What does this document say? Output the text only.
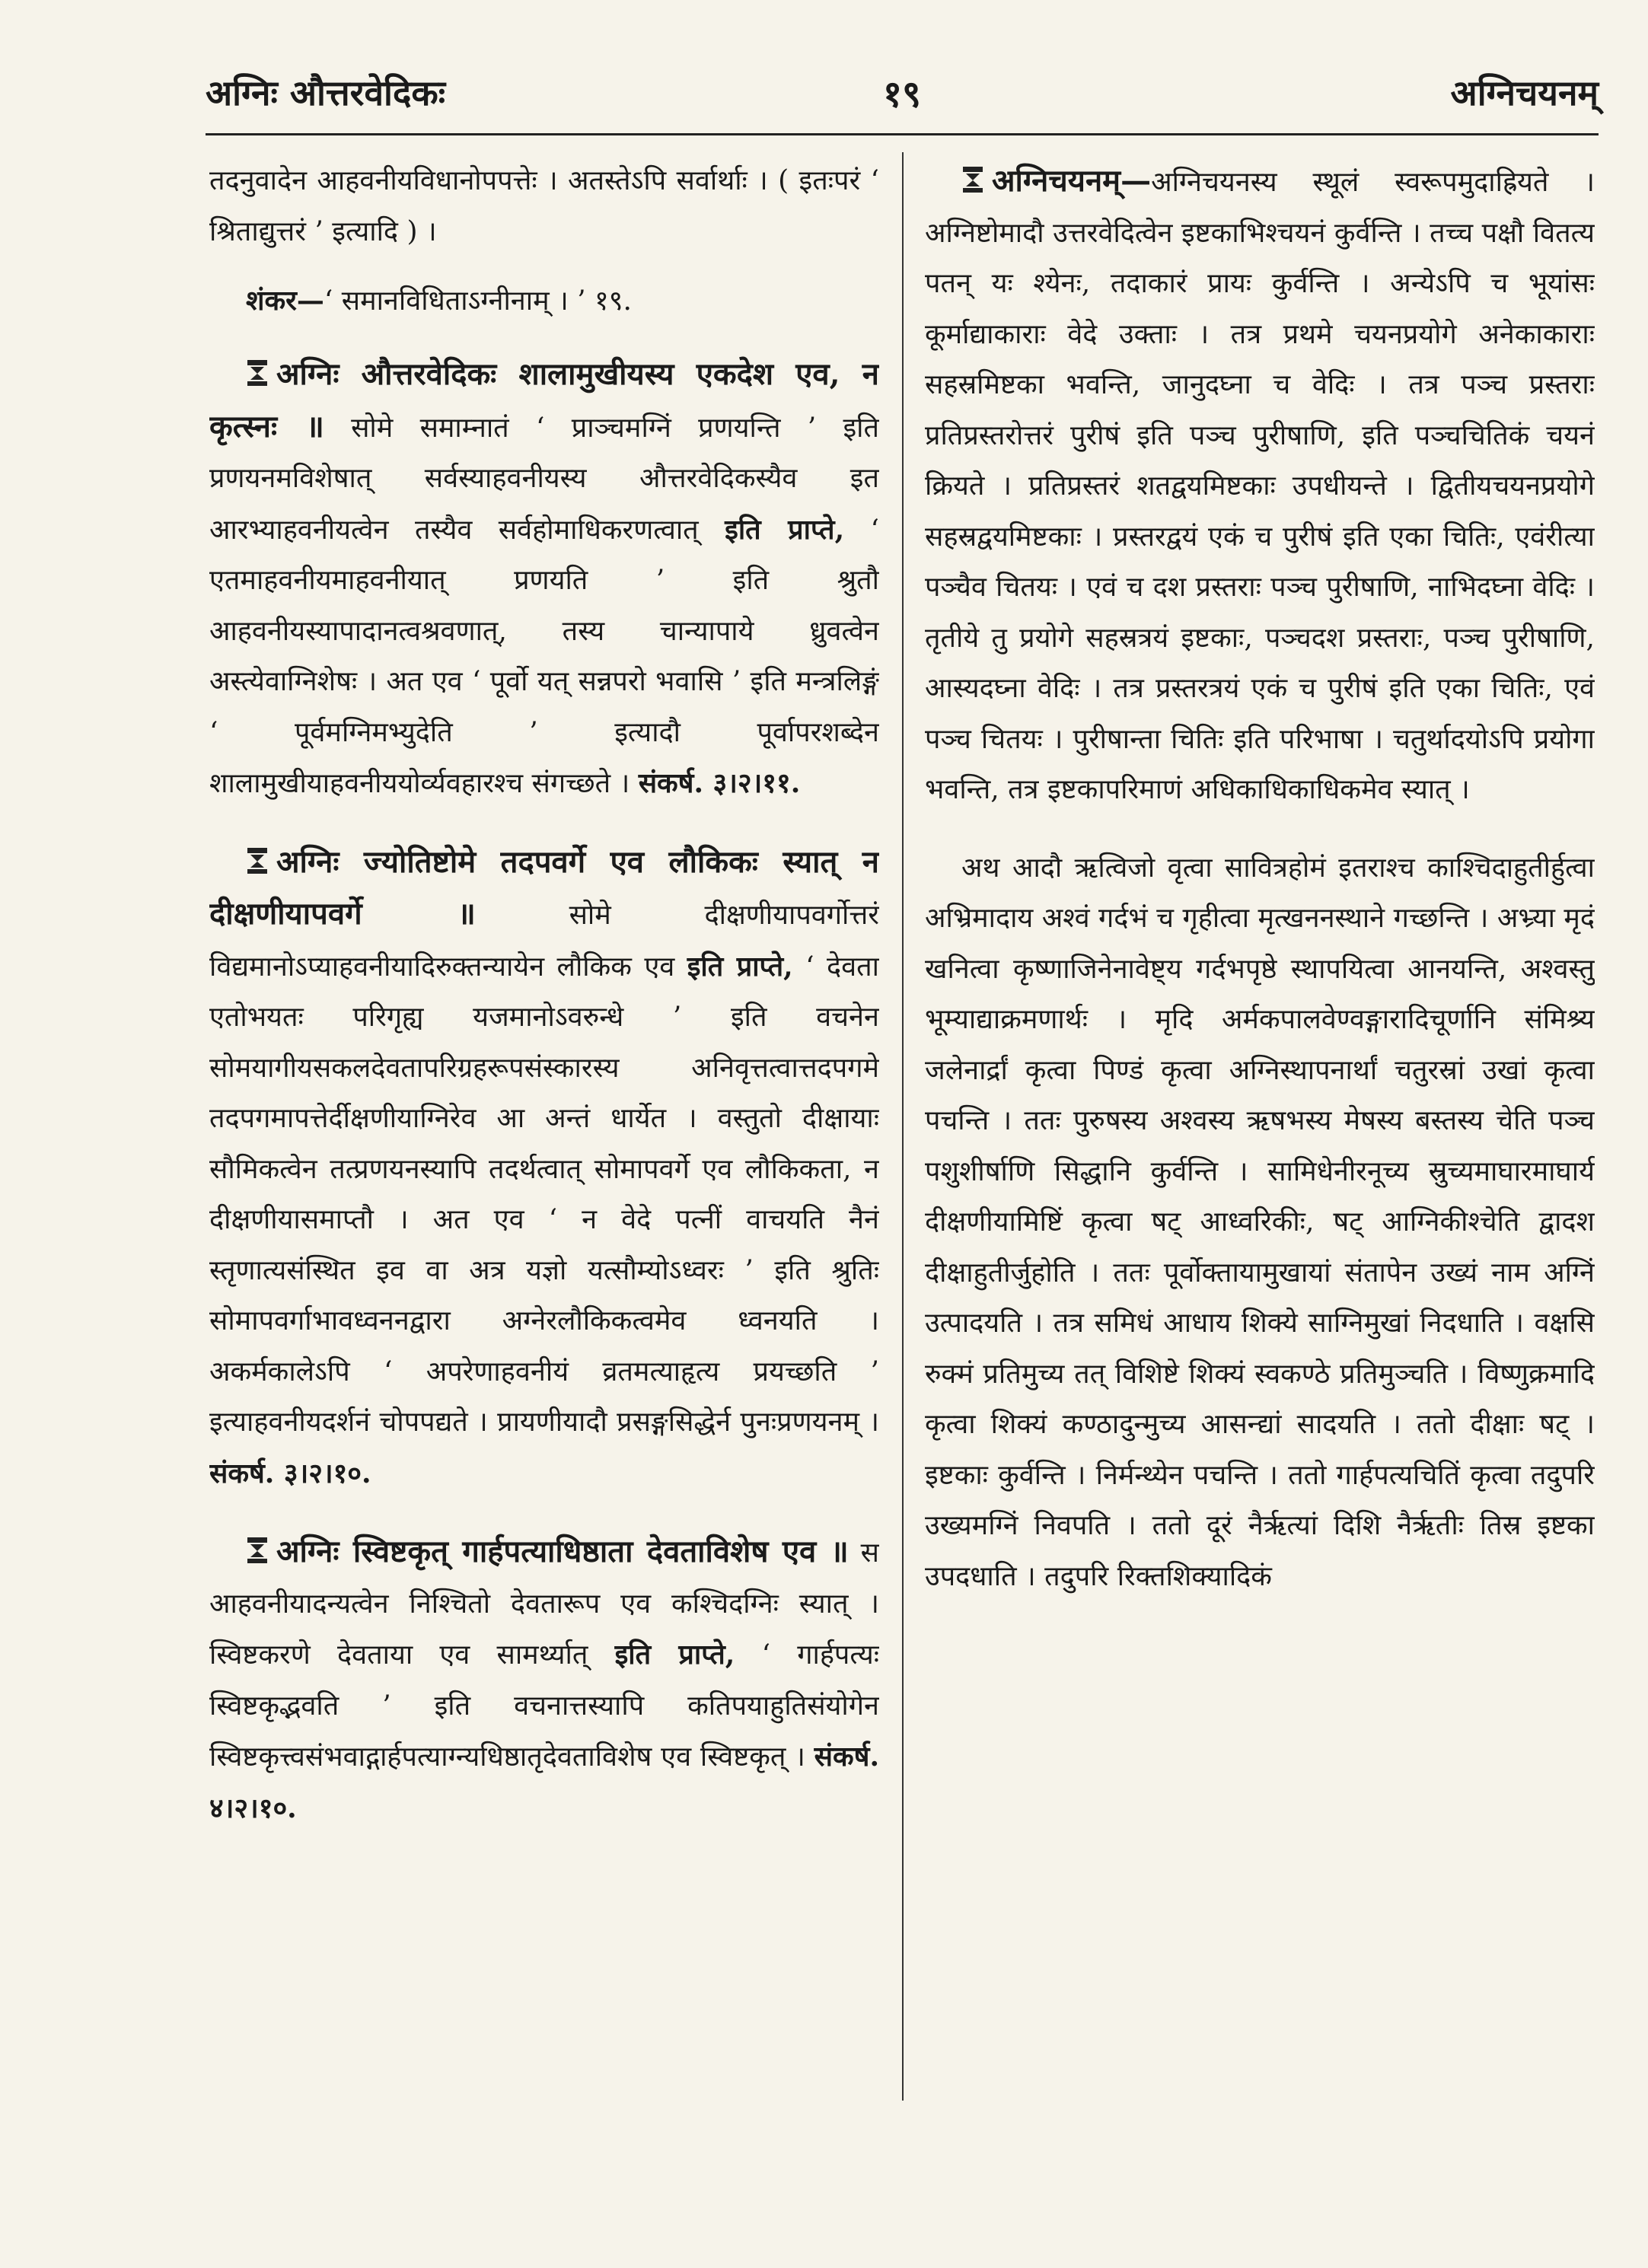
अग्निः औत्तरवेदिकः	१९	अग्निचयनम्

तदनुवादेन आहवनीयविधानोपपत्तेः । अतस्तेऽपि सर्वार्थाः । ( इतःपरं ‘ श्रिताद्युत्तरं ’ इत्यादि ) ।

शंकर—‘ समानविधिताऽग्नीनाम् । ’ १९.

अग्निः औत्तरवेदिकः शालामुखीयस्य एकदेश एव, न कृत्स्नः ॥ सोमे समाम्नातं ‘ प्राञ्चमग्निं प्रणयन्ति ’ इति प्रणयनमविशेषात् सर्वस्याहवनीयस्य औत्तरवेदिकस्यैव इत आरभ्याहवनीयत्वेन तस्यैव सर्वहोमाधिकरणत्वात् इति प्राप्ते, ‘ एतमाहवनीयमाहवनीयात् प्रणयति ’ इति श्रुतौ आहवनीयस्यापादानत्वश्रवणात्, तस्य चान्यापाये ध्रुवत्वेन अस्त्येवाग्निशेषः । अत एव ‘ पूर्वो यत् सन्नपरो भवासि ’ इति मन्त्रलिङ्गं ‘ पूर्वमग्निमभ्युदेति ’ इत्यादौ पूर्वापरशब्देन शालामुखीयाहवनीययोर्व्यवहारश्च संगच्छते । संकर्ष. ३।२।११.

अग्निः ज्योतिष्टोमे तदपवर्गे एव लौकिकः स्यात् न दीक्षणीयापवर्गे ॥	सोमे दीक्षणीयापवर्गोत्तरं विद्यमानोऽप्याहवनीयादिरुक्तन्यायेन लौकिक एव इति प्राप्ते, ‘ देवता एतोभयतः परिगृह्य यजमानोऽवरुन्धे ’ इति वचनेन सोमयागीयसकलदेवतापरिग्रहरूपसंस्कारस्य अनिवृत्तत्वात्तदपगमे तदपगमापत्तेर्दीक्षणीयाग्निरेव आ अन्तं धार्येत । वस्तुतो दीक्षायाः सौमिकत्वेन तत्प्रणयनस्यापि तदर्थत्वात् सोमापवर्गे एव लौकिकता, न दीक्षणीयासमाप्तौ । अत एव ‘ न वेदे पत्नीं वाचयति नैनं स्तृणात्यसंस्थित इव वा अत्र यज्ञो यत्सौम्योऽध्वरः ’ इति श्रुतिः सोमापवर्गाभावध्वननद्वारा अग्नेरलौकिकत्वमेव ध्वनयति । अकर्मकालेऽपि ‘ अपरेणाहवनीयं व्रतमत्याहृत्य प्रयच्छति ’ इत्याहवनीयदर्शनं चोपपद्यते । प्रायणीयादौ प्रसङ्गसिद्धेर्न पुनःप्रणयनम् । संकर्ष. ३।२।१०.

अग्निः स्विष्टकृत् गार्हपत्याधिष्ठाता देवताविशेष एव ॥ स आहवनीयादन्यत्वेन निश्चितो देवतारूप एव कश्चिदग्निः स्यात् । स्विष्टकरणे देवताया एव सामर्थ्यात् इति प्राप्ते, ‘ गार्हपत्यः स्विष्टकृद्भवति ’ इति वचनात्तस्यापि कतिपयाहुतिसंयोगेन स्विष्टकृत्त्वसंभवाद्गार्हपत्याग्न्यधिष्ठातृदेवताविशेष एव स्विष्टकृत् । संकर्ष. ४।२।१०.

अग्निचयनम्—अग्निचयनस्य स्थूलं स्वरूपमुदाह्रियते । अग्निष्टोमादौ उत्तरवेदित्वेन इष्टकाभिश्चयनं कुर्वन्ति । तच्च पक्षौ वितत्य पतन् यः श्येनः, तदाकारं प्रायः कुर्वन्ति । अन्येऽपि च भूयांसः कूर्माद्याकाराः वेदे उक्ताः । तत्र प्रथमे चयनप्रयोगे अनेकाकाराः सहस्रमिष्टका भवन्ति, जानुदघ्ना च वेदिः । तत्र पञ्च प्रस्तराः प्रतिप्रस्तरोत्तरं पुरीषं इति पञ्च पुरीषाणि, इति पञ्चचितिकं चयनं क्रियते । प्रतिप्रस्तरं शतद्वयमिष्टकाः उपधीयन्ते । द्वितीयचयनप्रयोगे सहस्रद्वयमिष्टकाः । प्रस्तरद्वयं एकं च पुरीषं इति एका चितिः, एवंरीत्या पञ्चैव चितयः । एवं च दश प्रस्तराः पञ्च पुरीषाणि, नाभिदघ्ना वेदिः । तृतीये तु प्रयोगे सहस्रत्रयं इष्टकाः, पञ्चदश प्रस्तराः, पञ्च पुरीषाणि, आस्यदघ्ना वेदिः । तत्र प्रस्तरत्रयं एकं च पुरीषं इति एका चितिः, एवं पञ्च चितयः । पुरीषान्ता चितिः इति परिभाषा । चतुर्थादयोऽपि प्रयोगा भवन्ति, तत्र इष्टकापरिमाणं अधिकाधिकाधिकमेव स्यात् ।

अथ आदौ ऋत्विजो वृत्वा सावित्रहोमं इतराश्च काश्चिदाहुतीर्हुत्वा अभ्रिमादाय अश्वं गर्दभं च गृहीत्वा मृत्खननस्थाने गच्छन्ति । अभ्र्या मृदं खनित्वा कृष्णाजिनेनावेष्ट्य गर्दभपृष्ठे स्थापयित्वा आनयन्ति, अश्वस्तु भूम्याद्याक्रमणार्थः । मृदि अर्मकपालवेण्वङ्गारादिचूर्णानि संमिश्र्य जलेनार्द्रां कृत्वा पिण्डं कृत्वा अग्निस्थापनार्थां चतुरस्रां उखां कृत्वा पचन्ति । ततः पुरुषस्य अश्वस्य ऋषभस्य मेषस्य बस्तस्य चेति पञ्च पशुशीर्षाणि सिद्धानि कुर्वन्ति । सामिधेनीरनूच्य स्रुच्यमाघारमाघार्य दीक्षणीयामिष्टिं कृत्वा षट् आध्वरिकीः, षट् आग्निकीश्चेति द्वादश दीक्षाहुतीर्जुहोति । ततः पूर्वोक्तायामुखायां संतापेन उख्यं नाम अग्निं उत्पादयति । तत्र समिधं आधाय शिक्ये साग्निमुखां निदधाति । वक्षसि रुक्मं प्रतिमुच्य तत् विशिष्टे शिक्यं स्वकण्ठे प्रतिमुञ्चति । विष्णुक्रमादि कृत्वा शिक्यं कण्ठादुन्मुच्य आसन्द्यां सादयति । ततो दीक्षाः षट् । इष्टकाः कुर्वन्ति । निर्मन्थ्येन पचन्ति । ततो गार्हपत्यचितिं कृत्वा तदुपरि उख्यमग्निं निवपति । ततो दूरं नैर्ऋत्यां दिशि नैर्ऋतीः तिस्र इष्टका उपदधाति । तदुपरि रिक्तशिक्यादिकं
